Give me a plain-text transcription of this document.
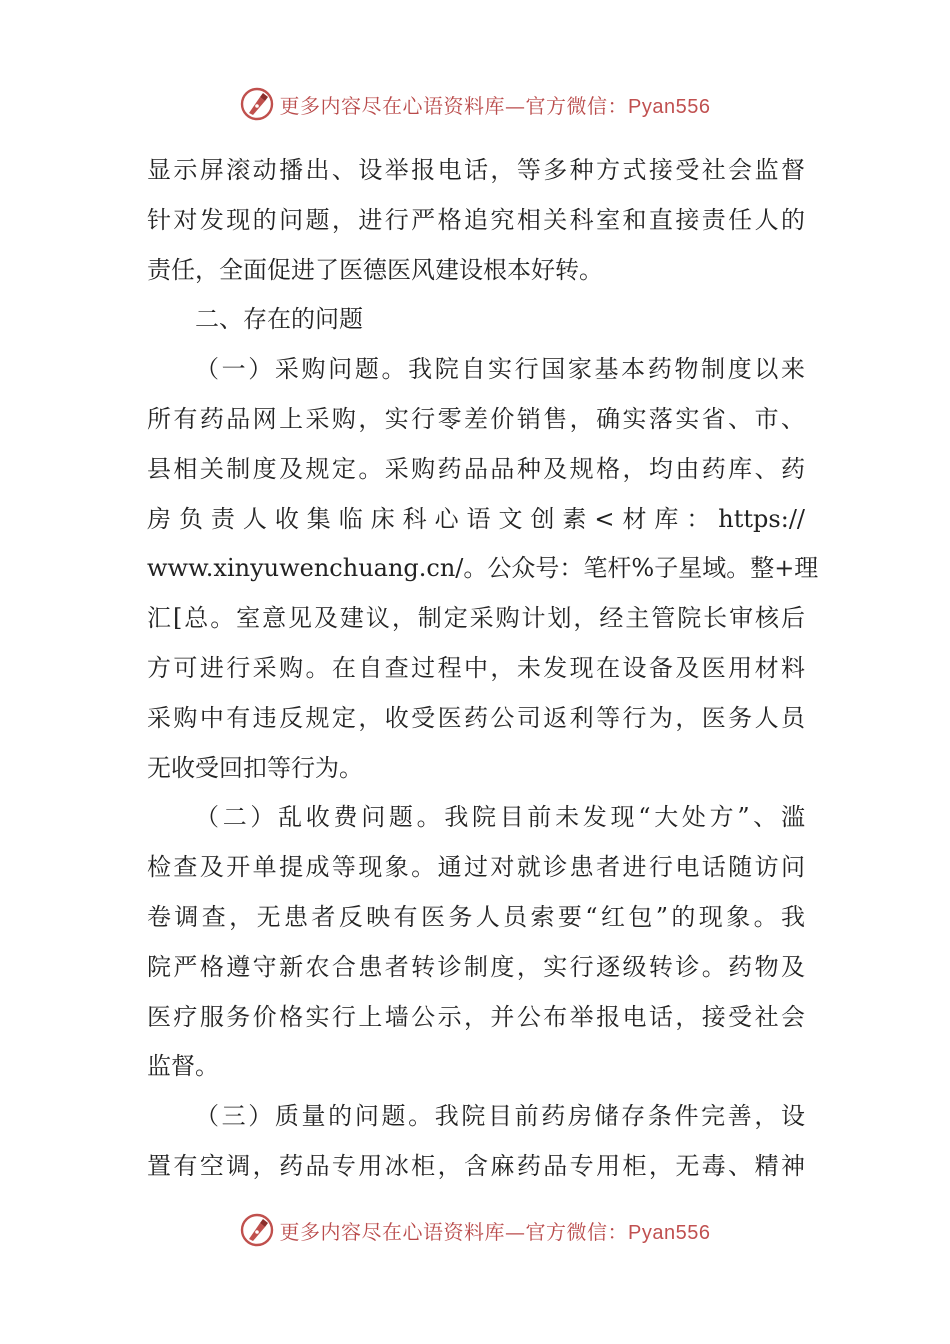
更多内容尽在心语资料库—官方微信：Pyan556
显示屏滚动播出、设举报电话，等多种方式接受社会监督
针对发现的问题，进行严格追究相关科室和直接责任人的
责任，全面促进了医德医风建设根本好转。
二、存在的问题
（一）采购问题。我院自实行国家基本药物制度以来
所有药品网上采购，实行零差价销售，确实落实省、市、
县相关制度及规定。采购药品品种及规格，均由药库、药
房负责人收集临床科心语文创素<材库：https://
www.xinyuwenchuang.cn/。公众号：笔杆%子星域。整+理
汇[总。室意见及建议，制定采购计划，经主管院长审核后
方可进行采购。在自查过程中，未发现在设备及医用材料
采购中有违反规定，收受医药公司返利等行为，医务人员
无收受回扣等行为。
（二）乱收费问题。我院目前未发现“大处方”、滥
检查及开单提成等现象。通过对就诊患者进行电话随访问
卷调查，无患者反映有医务人员索要“红包”的现象。我
院严格遵守新农合患者转诊制度，实行逐级转诊。药物及
医疗服务价格实行上墙公示，并公布举报电话，接受社会
监督。
（三）质量的问题。我院目前药房储存条件完善，设
置有空调，药品专用冰柜，含麻药品专用柜，无毒、精神
更多内容尽在心语资料库—官方微信：Pyan556
